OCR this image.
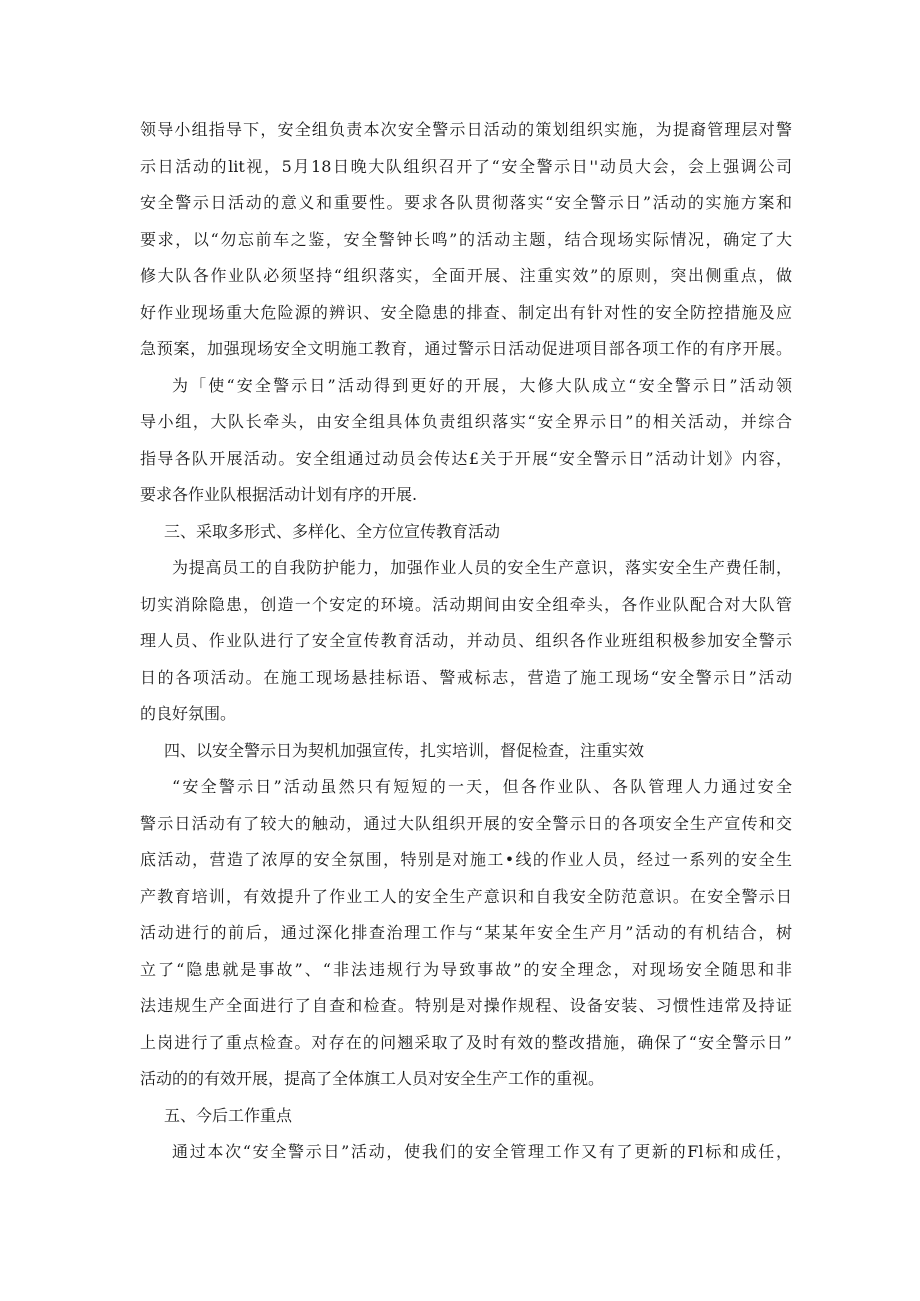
领导小组指导下，安全组负责本次安全警示日活动的策划组织实施，为提裔管理层对警
示日活动的lit视，5月18日晚大队组织召开了“安全警示日''动员大会，会上强调公司
安全警示日活动的意义和重要性。要求各队贯彻落实“安全警示日”活动的实施方案和
要求，以“勿忘前车之鉴，安全警钟长鸣”的活动主题，结合现场实际情况，确定了大
修大队各作业队必须坚持“组织落实，全面开展、注重实效”的原则，突出侧重点，做
好作业现场重大危险源的辨识、安全隐患的排查、制定出有针对性的安全防控措施及应
急预案，加强现场安全文明施工教育，通过警示日活动促进项目部各项工作的有序开展。
为「使“安全警示日”活动得到更好的开展，大修大队成立“安全警示日”活动领
导小组，大队长牵头，由安全组具体负责组织落实“安全界示日”的相关活动，并综合
指导各队开展活动。安全组通过动员会传达£关于开展“安全警示日”活动计划》内容，
要求各作业队根据活动计划有序的开展.
三、采取多形式、多样化、全方位宣传教育活动
为提高员工的自我防护能力，加强作业人员的安全生产意识，落实安全生产费任制，
切实消除隐患，创造一个安定的环境。活动期间由安全组牵头，各作业队配合对大队管
理人员、作业队进行了安全宣传教育活动，并动员、组织各作业班组积极参加安全警示
日的各项活动。在施工现场悬挂标语、警戒标志，营造了施工现场“安全警示日”活动
的良好氛围。
四、以安全警示日为契机加强宣传，扎实培训，督促检查，注重实效
“安全警示日”活动虽然只有短短的一天，但各作业队、各队管理人力通过安全
警示日活动有了较大的触动，通过大队组织开展的安全警示日的各项安全生产宣传和交
底活动，营造了浓厚的安全氛围，特别是对施工•线的作业人员，经过一系列的安全生
产教育培训，有效提升了作业工人的安全生产意识和自我安全防范意识。在安全警示日
活动进行的前后，通过深化排查治理工作与“某某年安全生产月”活动的有机结合，树
立了“隐患就是事故”、“非法违规行为导致事故”的安全理念，对现场安全随思和非
法违规生产全面进行了自查和检查。特别是对操作规程、设备安装、习惯性违常及持证
上岗进行了重点检查。对存在的问翘采取了及时有效的整改措施，确保了“安全警示日”
活动的的有效开展，提高了全体旗工人员对安全生产工作的重视。
五、今后工作重点
通过本次“安全警示日”活动，使我们的安全管理工作又有了更新的Fl标和成任，
